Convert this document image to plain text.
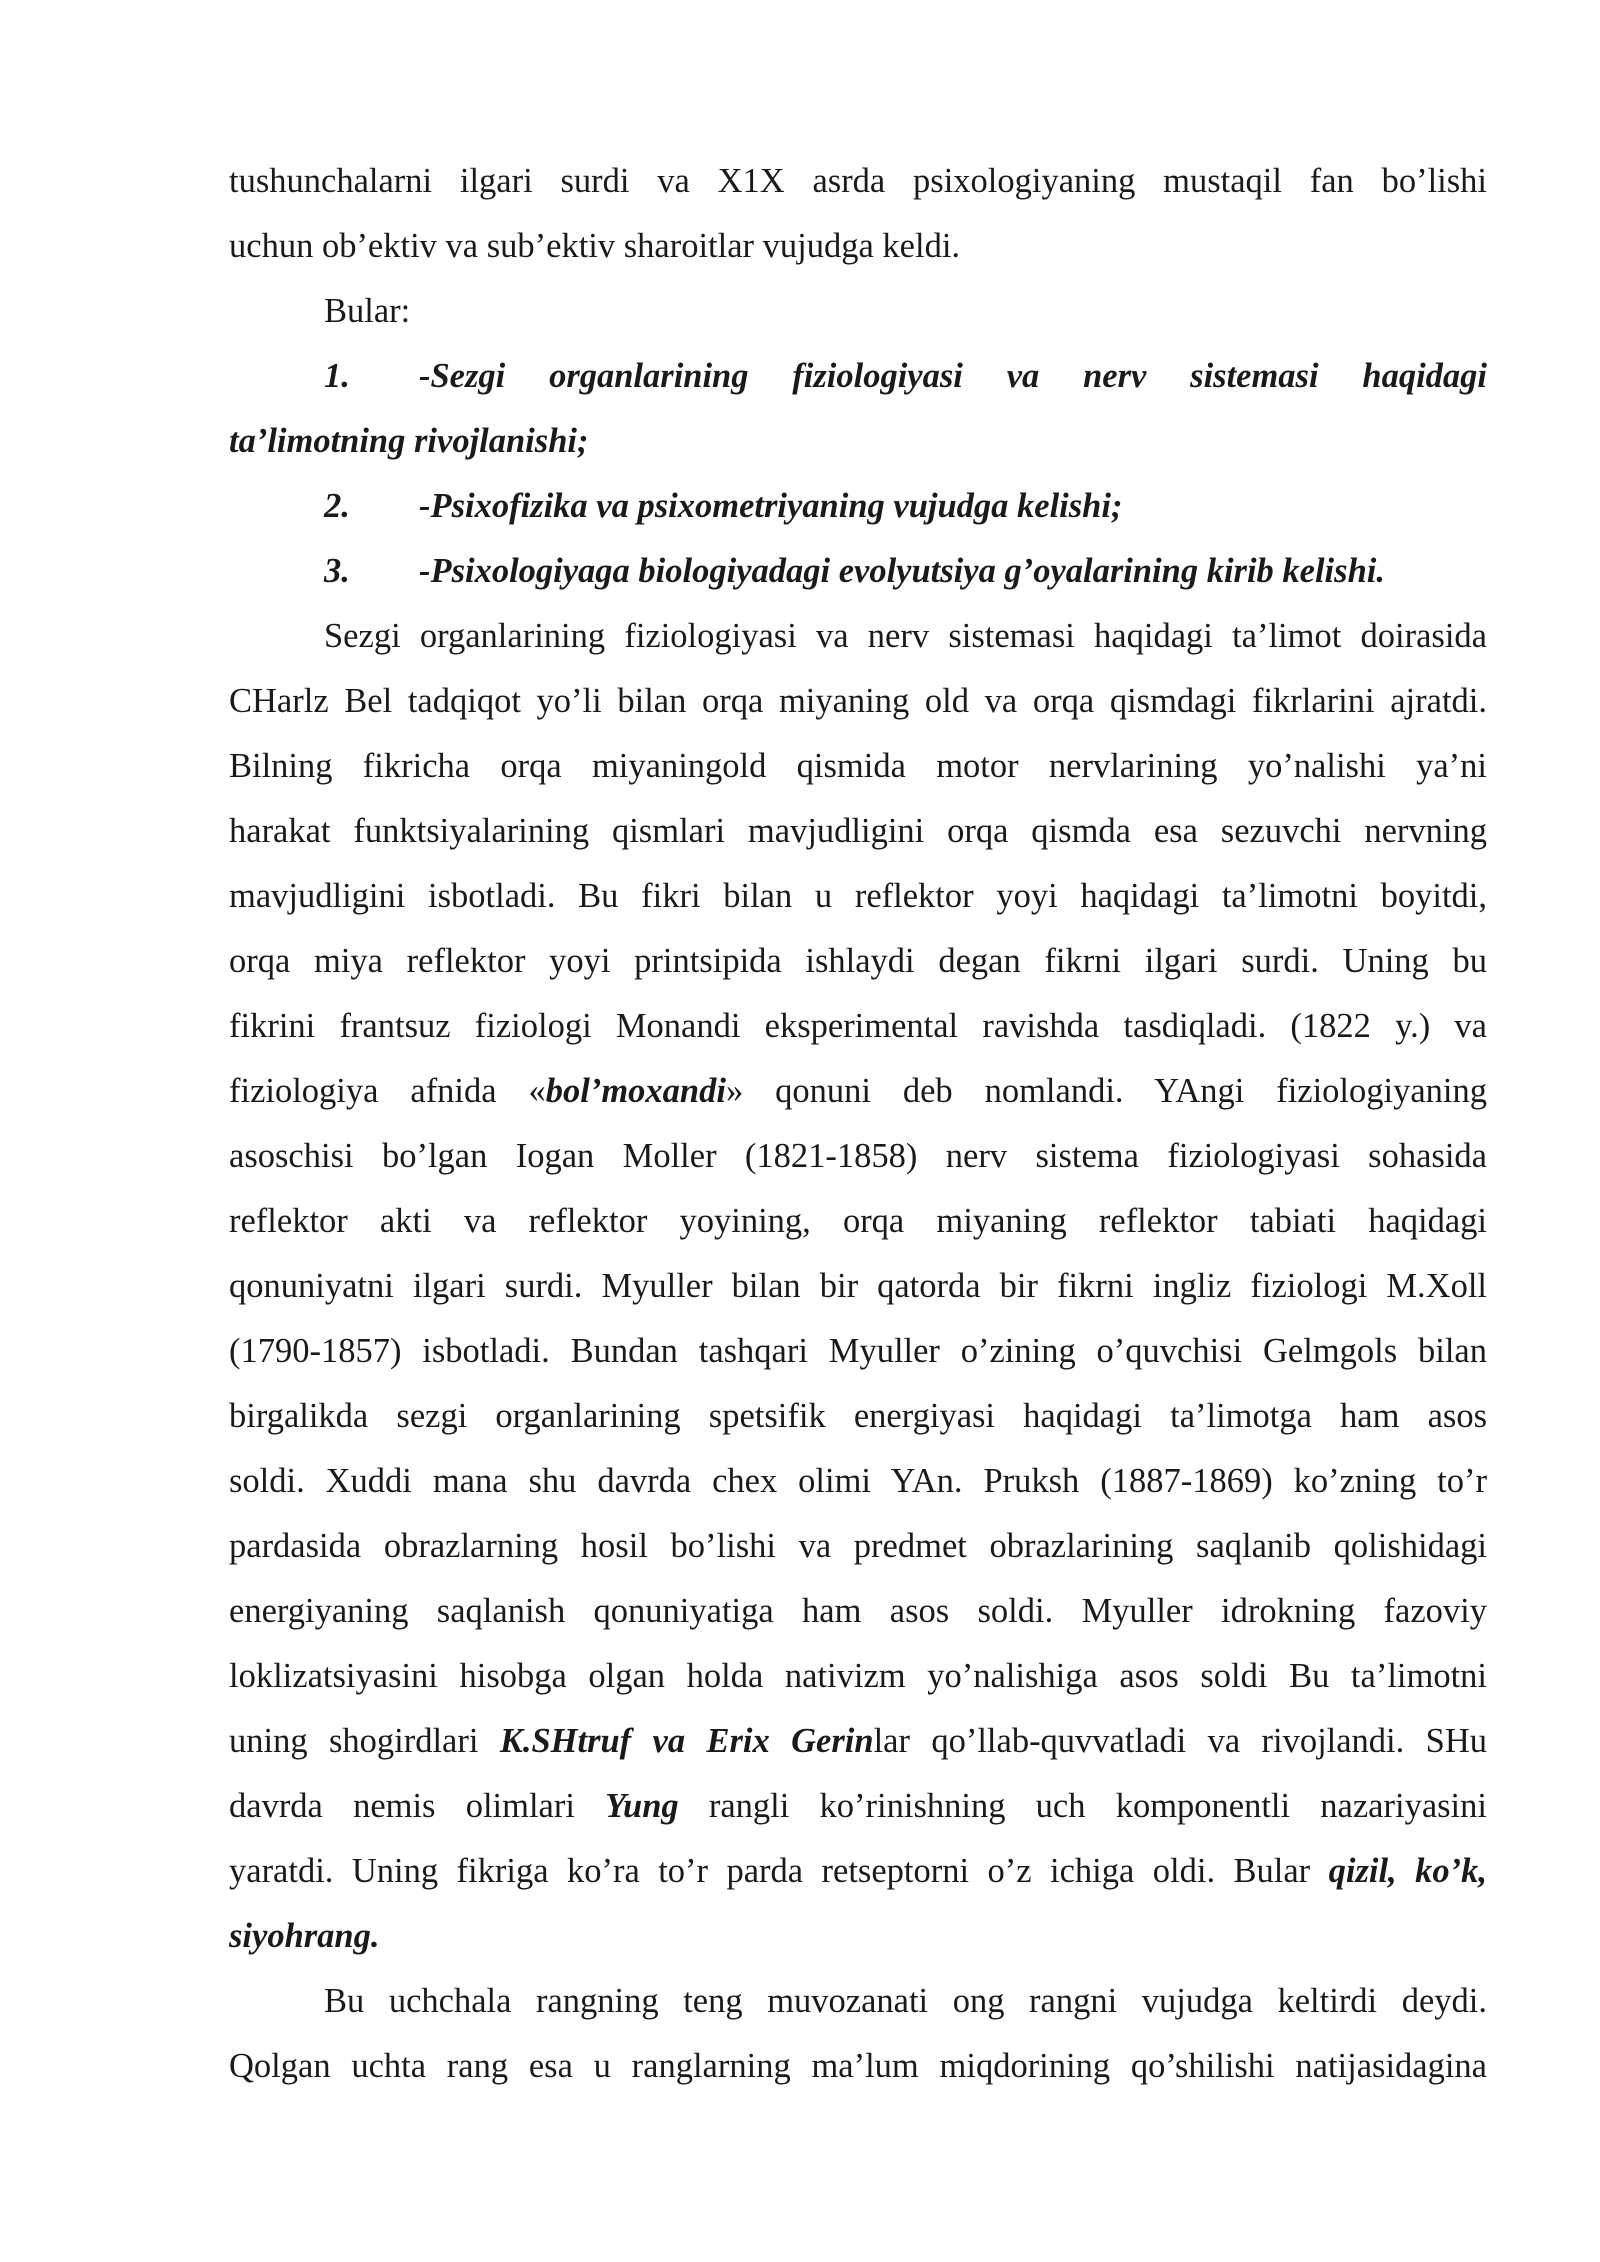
tushunchalarni ilgari surdi va X1X asrda psixologiyaning mustaqil fan bo’lishi
uchun ob’ektiv va sub’ektiv sharoitlar vujudga keldi.
Bular:
1. -Sezgi organlarining fiziologiyasi va nerv sistemasi haqidagi
ta’limotning rivojlanishi;
2. -Psixofizika va psixometriyaning vujudga kelishi;
3. -Psixologiyaga biologiyadagi evolyutsiya g’oyalarining kirib kelishi.
Sezgi organlarining fiziologiyasi va nerv sistemasi haqidagi ta’limot doirasida
CHarlz Bel tadqiqot yo’li bilan orqa miyaning old va orqa qismdagi fikrlarini ajratdi.
Bilning fikricha orqa miyaningold qismida motor nervlarining yo’nalishi ya’ni
harakat funktsiyalarining qismlari mavjudligini orqa qismda esa sezuvchi nervning
mavjudligini isbotladi. Bu fikri bilan u reflektor yoyi haqidagi ta’limotni boyitdi,
orqa miya reflektor yoyi printsipida ishlaydi degan fikrni ilgari surdi. Uning bu
fikrini frantsuz fiziologi Monandi eksperimental ravishda tasdiqladi. (1822 y.) va
fiziologiya afnida «bol’moxandi» qonuni deb nomlandi. YAngi fiziologiyaning
asoschisi bo’lgan Iogan Moller (1821-1858) nerv sistema fiziologiyasi sohasida
reflektor akti va reflektor yoyining, orqa miyaning reflektor tabiati haqidagi
qonuniyatni ilgari surdi. Myuller bilan bir qatorda bir fikrni ingliz fiziologi M.Xoll
(1790-1857) isbotladi. Bundan tashqari Myuller o’zining o’quvchisi Gelmgols bilan
birgalikda sezgi organlarining spetsifik energiyasi haqidagi ta’limotga ham asos
soldi. Xuddi mana shu davrda chex olimi YAn. Pruksh (1887-1869) ko’zning to’r
pardasida obrazlarning hosil bo’lishi va predmet obrazlarining saqlanib qolishidagi
energiyaning saqlanish qonuniyatiga ham asos soldi. Myuller idrokning fazoviy
loklizatsiyasini hisobga olgan holda nativizm yo’nalishiga asos soldi Bu ta’limotni
uning shogirdlari K.SHtruf va Erix Gerinlar qo’llab-quvvatladi va rivojlandi. SHu
davrda nemis olimlari Yung rangli ko’rinishning uch komponentli nazariyasini
yaratdi. Uning fikriga ko’ra to’r parda retseptorni o’z ichiga oldi. Bular qizil, ko’k,
siyohrang.
Bu uchchala rangning teng muvozanati ong rangni vujudga keltirdi deydi.
Qolgan uchta rang esa u ranglarning ma’lum miqdorining qo’shilishi natijasidagina
